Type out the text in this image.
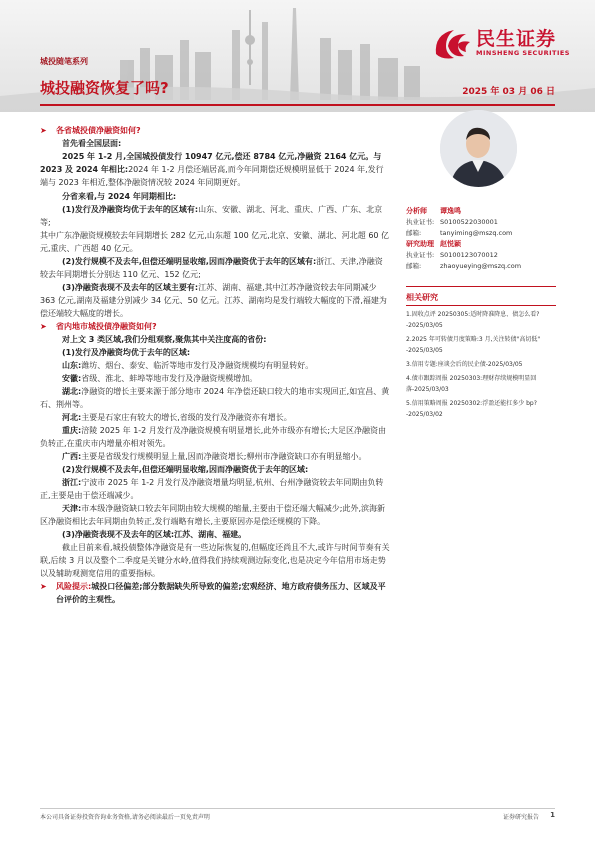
城投随笔系列
城投融资恢复了吗?	2025 年 03 月 06 日
民生证券
MINSHENG SECURITIES
➤	各省城投债净融资如何?

首先看全国层面:

2025 年 1-2 月,全国城投债发行 10947 亿元,偿还 8784 亿元,净融资 2164 亿元。与 2023 及 2024 年相比:2024 年 1-2 月偿还端居高,而今年同期偿还规模明显低于 2024 年,发行端与 2023 年相近,整体净融资情况较 2024 年同期更好。

分省来看,与 2024 年同期相比:

(1)发行及净融资均优于去年的区域有:山东、安徽、湖北、河北、重庆、广西、广东、北京等;

其中广东净融资规模较去年同期增长 282 亿元,山东超 100 亿元,北京、安徽、湖北、河北超 60 亿元,重庆、广西超 40 亿元。

(2)发行规模不及去年,但偿还端明显收缩,因而净融资优于去年的区域有:浙江、天津,净融资较去年同期增长分别达 110 亿元、152 亿元;

(3)净融资表现不及去年的区域主要有:江苏、湖南、福建,其中江苏净融资较去年同期减少 363 亿元,湖南及福建分别减少 34 亿元、50 亿元。江苏、湖南均是发行端较大幅度的下滑,福建为偿还端较大幅度的增长。

➤	省内地市城投债净融资如何?

对上文 3 类区域,我们分组观察,聚焦其中关注度高的省份:

(1)发行及净融资均优于去年的区域:

山东:潍坊、烟台、泰安、临沂等地市发行及净融资规模均有明显转好。

安徽:省级、淮北、蚌埠等地市发行及净融资规模增加。

湖北:净融资的增长主要来源于部分地市 2024 年净偿还缺口较大的地市实现回正,如宜昌、黄石、荆州等。

河北:主要是石家庄有较大的增长,省级的发行及净融资亦有增长。

重庆:涪陵 2025 年 1-2 月发行及净融资规模有明显增长,此外市级亦有增长;大足区净融资由负转正,在重庆市内增量亦相对领先。

广西:主要是省级发行规模明显上量,因而净融资增长;柳州市净融资缺口亦有明显缩小。

(2)发行规模不及去年,但偿还端明显收缩,因而净融资优于去年的区域:

浙江:宁波市 2025 年 1-2 月发行及净融资增量均明显,杭州、台州净融资较去年同期由负转正,主要是由于偿还端减少。

天津:市本级净融资缺口较去年同期由较大规模的缩量,主要由于偿还端大幅减少;此外,滨海新区净融资相比去年同期由负转正,发行端略有增长,主要原因亦是偿还规模的下降。

(3)净融资表现不及去年的区域:江苏、湖南、福建。

截止目前来看,城投债整体净融资是有一些边际恢复的,但幅度还尚且不大,或许与时间节奏有关联,后续 3 月以及整个二季度是关键分水岭,值得我们持续观测边际变化,也是决定今年信用市场走势以及辅助观测宽信用的重要指标。

➤	风险提示:城投口径偏差;部分数据缺失所导致的偏差;宏观经济、地方政府债务压力、区域及平台评价的主观性。
分析师	谭逸鸣
执业证书: S0100522030001
邮箱:	tanyiming@mszq.com
研究助理 赵悦颖
执业证书: S0100123070012
邮箱:	zhaoyueying@mszq.com
相关研究
1.固收点评 20250305:适时降准降息、债怎么看? -2025/03/05
2.2025 年可转债月度策略:3 月,关注转债"高切低" -2025/03/05
3.信用专题:座谈会后的民企债-2025/03/05
4.债市跟踪周报 20250303:理财存续规模明显回落-2025/03/03
5.信用策略周报 20250302:浮盈还能扛多少 bp? -2025/03/02
本公司具备证券投资咨询业务资格,请务必阅读最后一页免责声明	证券研究报告 1
